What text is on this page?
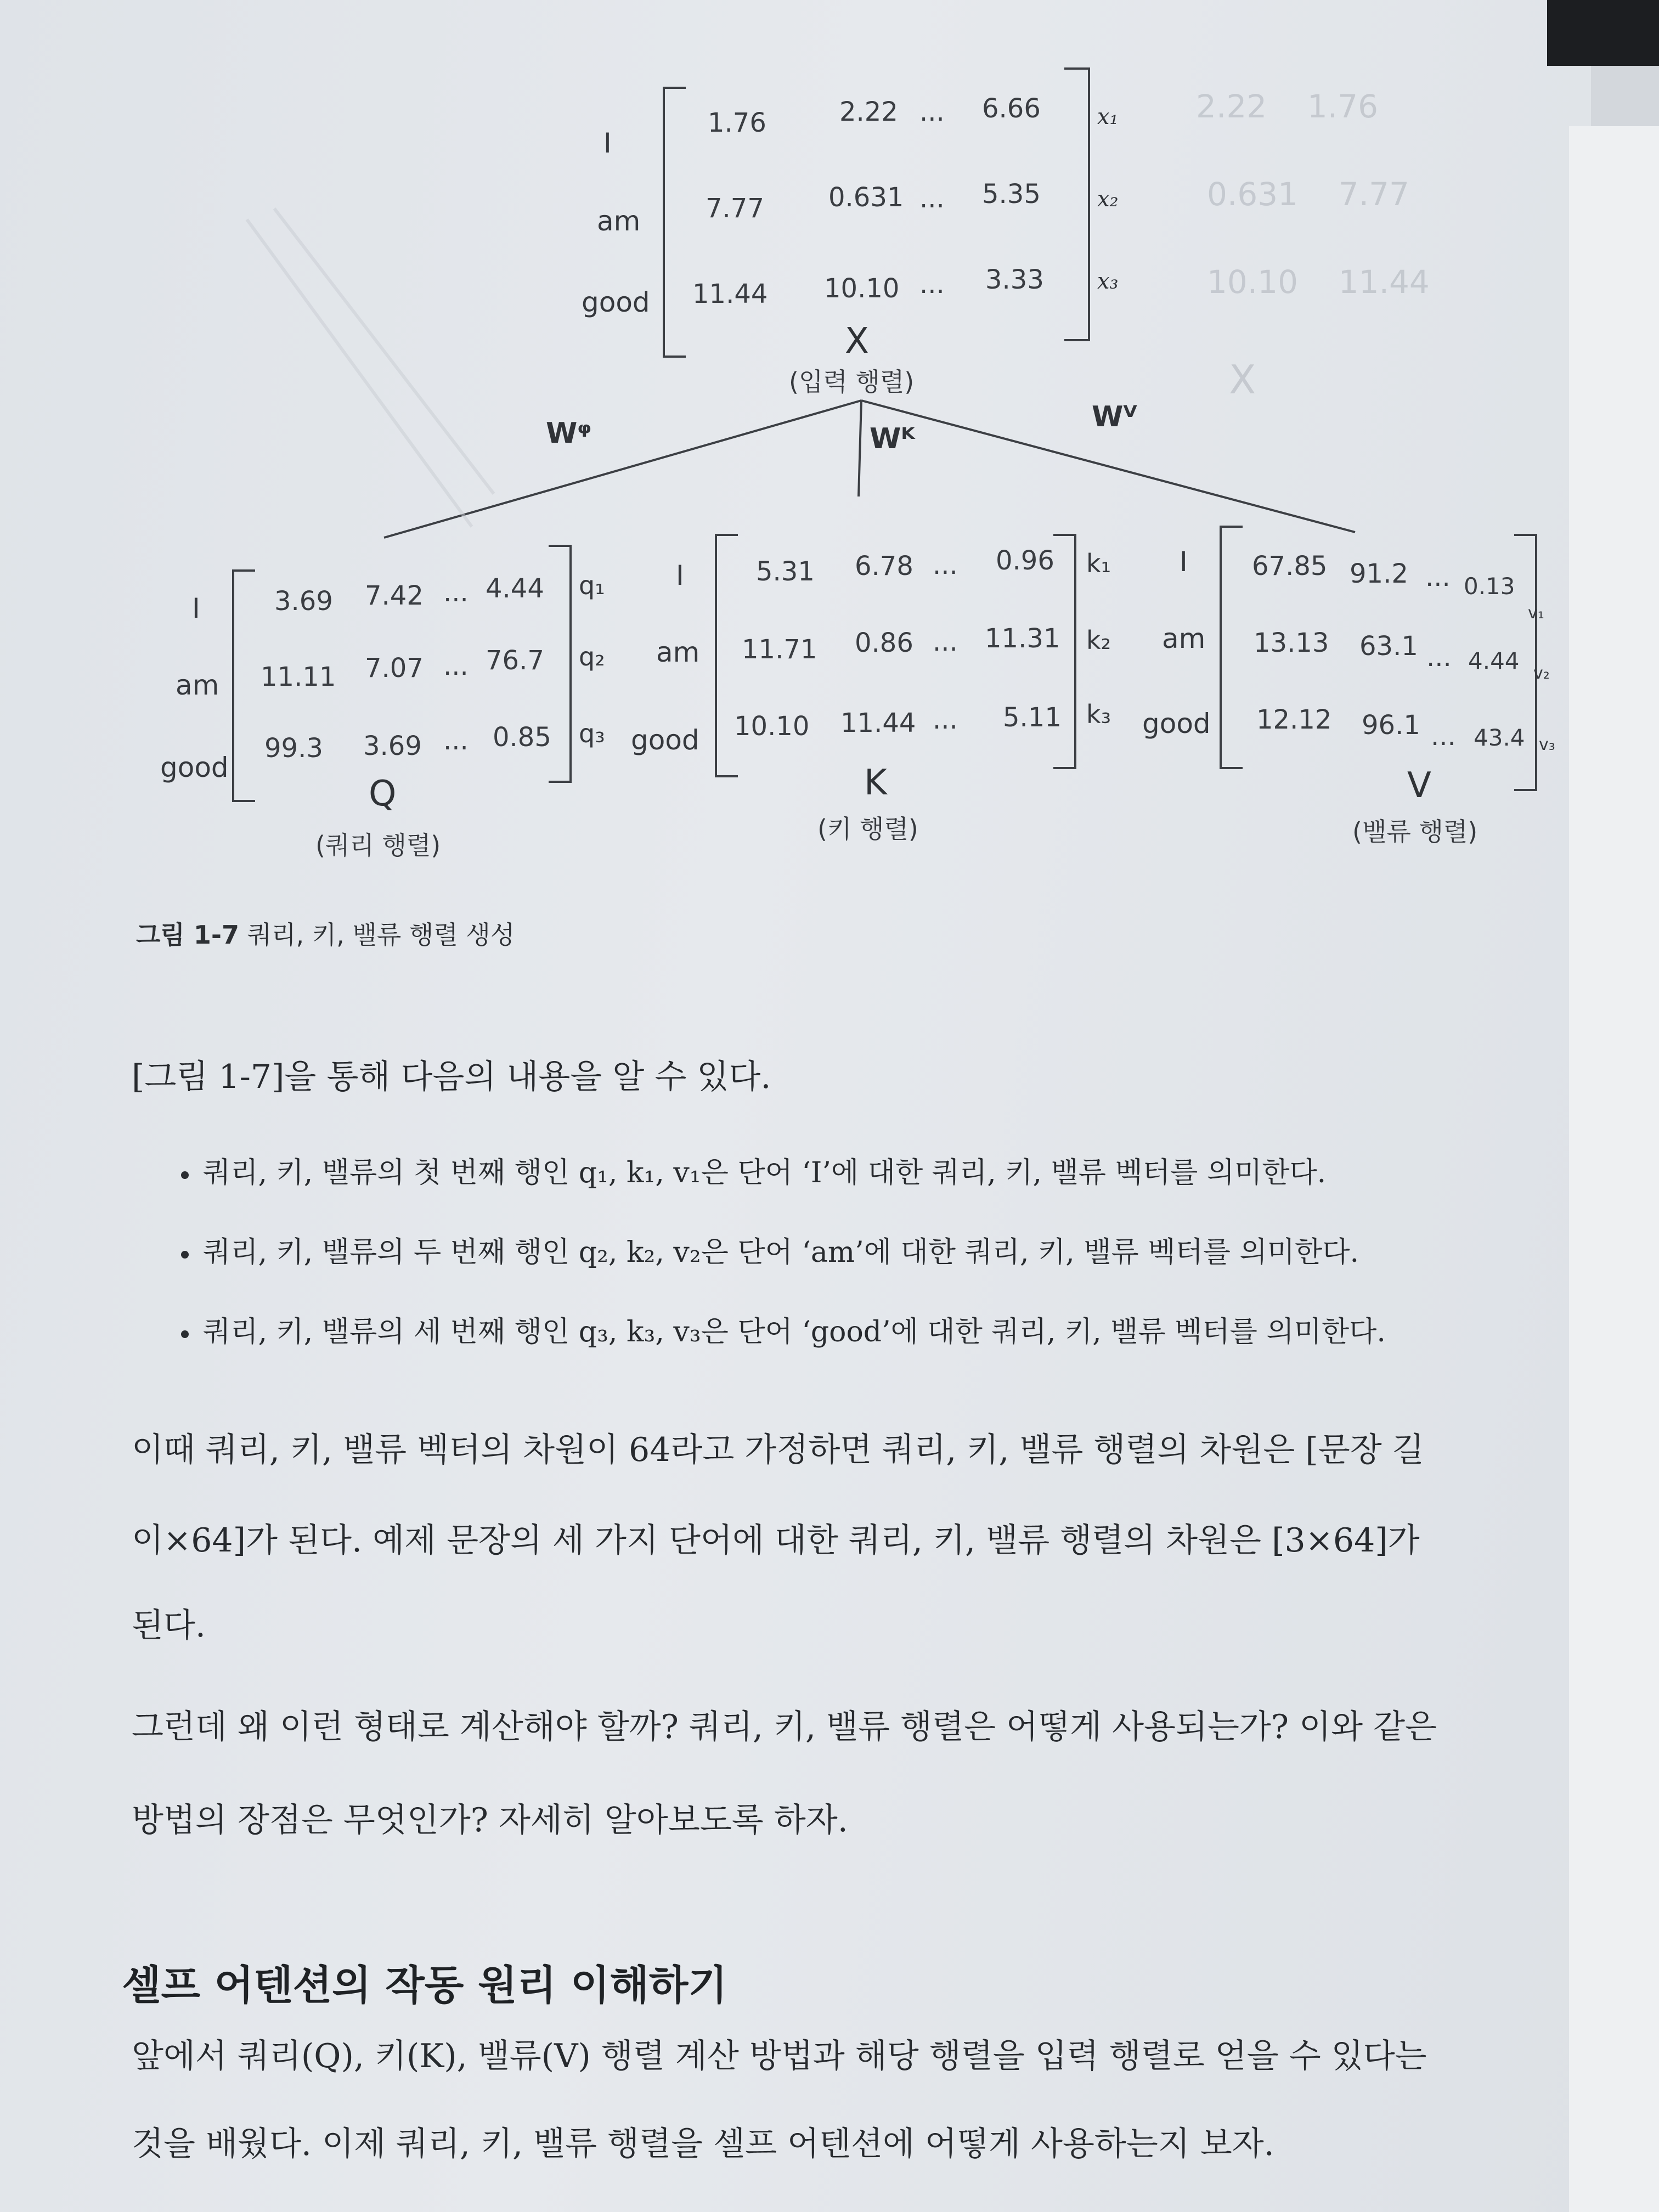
2.22    1.76
0.631    7.77
10.10    11.44
X
I
am
good
1.76	2.22 ... 6.66
7.77 0.631 ... 5.35
11.44 10.10 ... 3.33
x₁
x₂
x₃
X
(입력 행렬)
Wᵠ	Wᴷ
Wⱽ
I
am
good
3.69 7.42 ... 4.44
11.11 7.07 ... 76.7
99.3 3.69 ... 0.85
q₁
q₂
q₃
Q
(쿼리 행렬)
I
am
good
5.31 6.78 ... 0.96
11.71 0.86 ... 11.31
10.10 11.44 ... 5.11
k₁
k₂
k₃
K
(키 행렬)
I
am
good
67.85 91.2 ... 0.13
13.13 63.1 ... 4.44
12.12 96.1 ... 43.4
v₁
v₂
v₃
V
(밸류 행렬)
그림 1-7 쿼리, 키, 밸류 행렬 생성
[그림 1-7]을 통해 다음의 내용을 알 수 있다.
쿼리, 키, 밸류의 첫 번째 행인 q₁, k₁, v₁은 단어 ‘I’에 대한 쿼리, 키, 밸류 벡터를 의미한다.
쿼리, 키, 밸류의 두 번째 행인 q₂, k₂, v₂은 단어 ‘am’에 대한 쿼리, 키, 밸류 벡터를 의미한다.
쿼리, 키, 밸류의 세 번째 행인 q₃, k₃, v₃은 단어 ‘good’에 대한 쿼리, 키, 밸류 벡터를 의미한다.
이때 쿼리, 키, 밸류 벡터의 차원이 64라고 가정하면 쿼리, 키, 밸류 행렬의 차원은 [문장 길
이×64]가 된다. 예제 문장의 세 가지 단어에 대한 쿼리, 키, 밸류 행렬의 차원은 [3×64]가
된다.
그런데 왜 이런 형태로 계산해야 할까? 쿼리, 키, 밸류 행렬은 어떻게 사용되는가? 이와 같은
방법의 장점은 무엇인가? 자세히 알아보도록 하자.
셀프 어텐션의 작동 원리 이해하기
앞에서 쿼리(Q), 키(K), 밸류(V) 행렬 계산 방법과 해당 행렬을 입력 행렬로 얻을 수 있다는
것을 배웠다. 이제 쿼리, 키, 밸류 행렬을 셀프 어텐션에 어떻게 사용하는지 보자.
